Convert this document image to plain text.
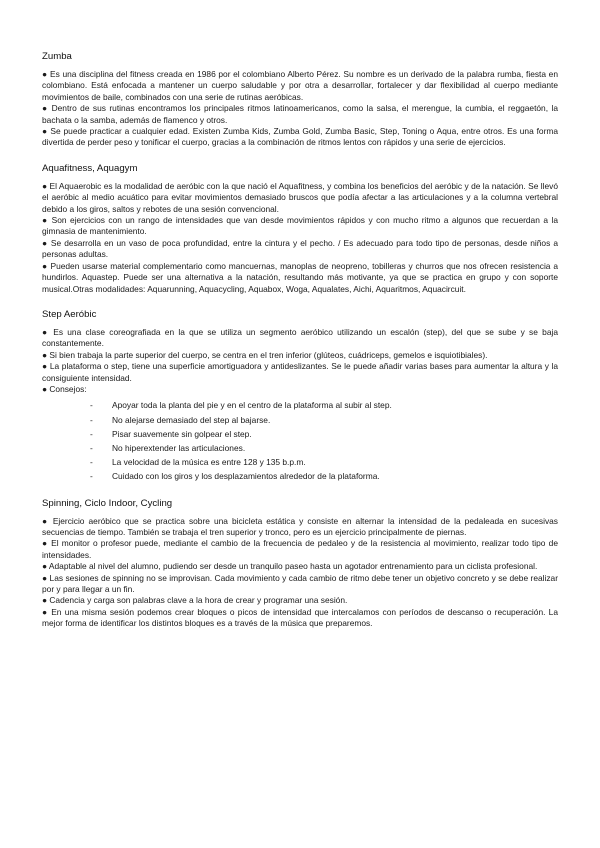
Zumba

● Es una disciplina del fitness creada en 1986 por el colombiano Alberto Pérez. Su nombre es un derivado de la palabra rumba, fiesta en colombiano. Está enfocada a mantener un cuerpo saludable y por otra a desarrollar, fortalecer y dar flexibilidad al cuerpo mediante movimientos de baile, combinados con una serie de rutinas aeróbicas.

● Dentro de sus rutinas encontramos los principales ritmos latinoamericanos, como la salsa, el merengue, la cumbia, el reggaetón, la bachata o la samba, además de flamenco y otros.

● Se puede practicar a cualquier edad. Existen Zumba Kids, Zumba Gold, Zumba Basic, Step, Toning o Aqua, entre otros. Es una forma divertida de perder peso y tonificar el cuerpo, gracias a la combinación de ritmos lentos con rápidos y una serie de ejercicios.

Aquafitness, Aquagym

● El Aquaerobic es la modalidad de aeróbic con la que nació el Aquafitness, y combina los beneficios del aeróbic y de la natación. Se llevó el aeróbic al medio acuático para evitar movimientos demasiado bruscos que podía afectar a las articulaciones y a la columna vertebral debido a los giros, saltos y rebotes de una sesión convencional.

● Son ejercicios con un rango de intensidades que van desde movimientos rápidos y con mucho ritmo a algunos que recuerdan a la gimnasia de mantenimiento.

● Se desarrolla en un vaso de poca profundidad, entre la cintura y el pecho. / Es adecuado para todo tipo de personas, desde niños a personas adultas.

● Pueden usarse material complementario como mancuernas, manoplas de neopreno, tobilleras y churros que nos ofrecen resistencia a hundirlos. Aquastep. Puede ser una alternativa a la natación, resultando más motivante, ya que se practica en grupo y con soporte musical.Otras modalidades: Aquarunning, Aquacycling, Aquabox, Woga, Aqualates, Aichi, Aquaritmos, Aquacircuit.

Step Aeróbic

● Es una clase coreografiada en la que se utiliza un segmento aeróbico utilizando un escalón (step), del que se sube y se baja constantemente.

● Si bien trabaja la parte superior del cuerpo, se centra en el tren inferior (glúteos, cuádriceps, gemelos e isquiotibiales).

● La plataforma o step, tiene una superficie amortiguadora y antideslizantes. Se le puede añadir varias bases para aumentar la altura y la consiguiente intensidad.

● Consejos:

- Apoyar toda la planta del pie y en el centro de la plataforma al subir al step.
- No alejarse demasiado del step al bajarse.
- Pisar suavemente sin golpear el step.
- No hiperextender las articulaciones.
- La velocidad de la música es entre 128 y 135 b.p.m.
- Cuidado con los giros y los desplazamientos alrededor de la plataforma.
Spinning, Ciclo Indoor, Cycling

● Ejercicio aeróbico que se practica sobre una bicicleta estática y consiste en alternar la intensidad de la pedaleada en sucesivas secuencias de tiempo. También se trabaja el tren superior y tronco, pero es un ejercicio principalmente de piernas.

● El monitor o profesor puede, mediante el cambio de la frecuencia de pedaleo y de la resistencia al movimiento, realizar todo tipo de intensidades.

● Adaptable al nivel del alumno, pudiendo ser desde un tranquilo paseo hasta un agotador entrenamiento para un ciclista profesional.

● Las sesiones de spinning no se improvisan. Cada movimiento y cada cambio de ritmo debe tener un objetivo concreto y se debe realizar por y para llegar a un fin.

● Cadencia y carga son palabras clave a la hora de crear y programar una sesión.

● En una misma sesión podemos crear bloques o picos de intensidad que intercalamos con períodos de descanso o recuperación. La mejor forma de identificar los distintos bloques es a través de la música que preparemos.
